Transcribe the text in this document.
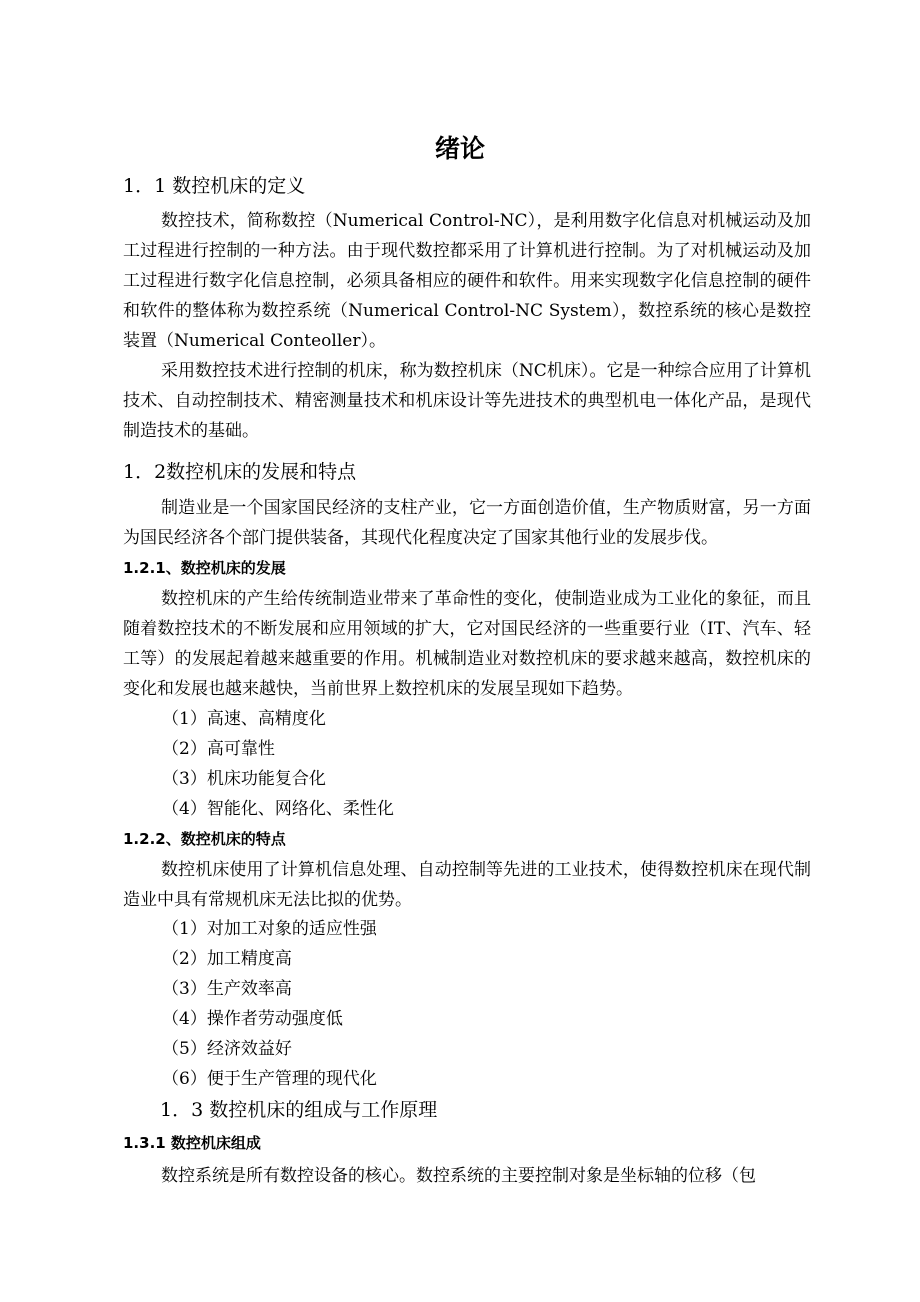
绪论
1．1 数控机床的定义

数控技术，简称数控（Numerical Control-NC），是利用数字化信息对机械运动及加工过程进行控制的一种方法。由于现代数控都采用了计算机进行控制。为了对机械运动及加工过程进行数字化信息控制，必须具备相应的硬件和软件。用来实现数字化信息控制的硬件和软件的整体称为数控系统（Numerical Control-NC System），数控系统的核心是数控装置（Numerical Conteoller）。

采用数控技术进行控制的机床，称为数控机床（NC机床）。它是一种综合应用了计算机技术、自动控制技术、精密测量技术和机床设计等先进技术的典型机电一体化产品，是现代制造技术的基础。

1．2数控机床的发展和特点

制造业是一个国家国民经济的支柱产业，它一方面创造价值，生产物质财富，另一方面为国民经济各个部门提供装备，其现代化程度决定了国家其他行业的发展步伐。

1.2.1、数控机床的发展

数控机床的产生给传统制造业带来了革命性的变化，使制造业成为工业化的象征，而且随着数控技术的不断发展和应用领域的扩大，它对国民经济的一些重要行业（IT、汽车、轻工等）的发展起着越来越重要的作用。机械制造业对数控机床的要求越来越高，数控机床的变化和发展也越来越快，当前世界上数控机床的发展呈现如下趋势。

（1）高速、高精度化
（2）高可靠性
（3）机床功能复合化
（4）智能化、网络化、柔性化
1.2.2、数控机床的特点

数控机床使用了计算机信息处理、自动控制等先进的工业技术，使得数控机床在现代制造业中具有常规机床无法比拟的优势。

（1）对加工对象的适应性强
（2）加工精度高
（3）生产效率高
（4）操作者劳动强度低
（5）经济效益好
（6）便于生产管理的现代化
1．3 数控机床的组成与工作原理
1.3.1 数控机床组成

数控系统是所有数控设备的核心。数控系统的主要控制对象是坐标轴的位移（包
